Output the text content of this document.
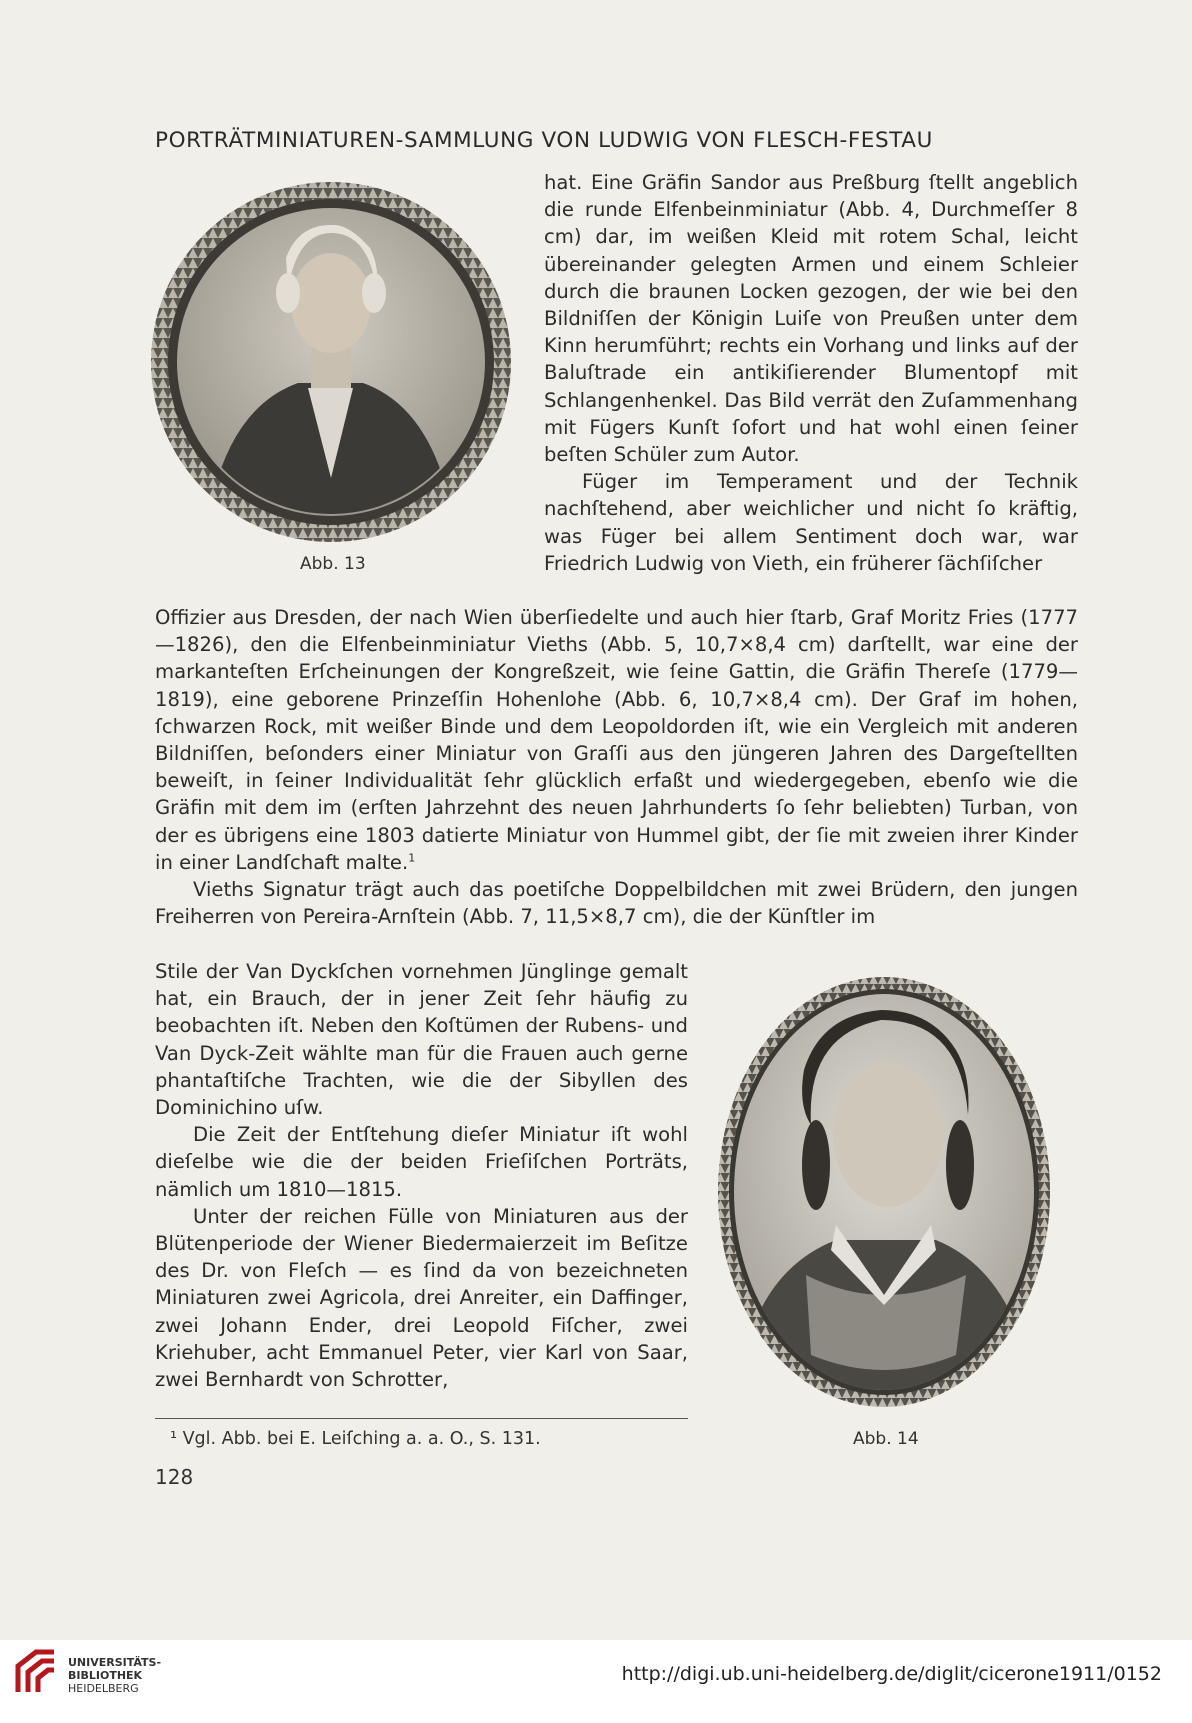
PORTRÄTMINIATUREN-SAMMLUNG VON LUDWIG VON FLESCH-FESTAU
Abb. 13

hat. Eine Gräfin Sandor aus Preßburg ſtellt angeblich die runde Elfenbeinminiatur (Abb. 4, Durchmeſſer 8 cm) dar, im weißen Kleid mit rotem Schal, leicht übereinander gelegten Armen und einem Schleier durch die braunen Locken gezogen, der wie bei den Bildniſſen der Königin Luiſe von Preußen unter dem Kinn herumführt; rechts ein Vorhang und links auf der Baluſtrade ein antikiſierender Blumentopf mit Schlangenhenkel. Das Bild verrät den Zuſammenhang mit Fügers Kunſt ſofort und hat wohl einen ſeiner beſten Schüler zum Autor.

Füger im Temperament und der Technik nachſtehend, aber weichlicher und nicht ſo kräftig, was Füger bei allem Sentiment doch war, war Friedrich Ludwig von Vieth, ein früherer ſächſiſcher

Offizier aus Dresden, der nach Wien überſiedelte und auch hier ſtarb, Graf Moritz Fries (1777—1826), den die Elfenbeinminiatur Vieths (Abb. 5, 10,7×8,4 cm) darſtellt, war eine der markanteſten Erſcheinungen der Kongreßzeit, wie ſeine Gattin, die Gräfin Thereſe (1779—1819), eine geborene Prinzeſſin Hohenlohe (Abb. 6, 10,7×8,4 cm). Der Graf im hohen, ſchwarzen Rock, mit weißer Binde und dem Leopoldorden iſt, wie ein Vergleich mit anderen Bildniſſen, beſonders einer Miniatur von Graſſi aus den jüngeren Jahren des Dargeſtellten beweiſt, in ſeiner Individualität ſehr glücklich erfaßt und wiedergegeben, ebenſo wie die Gräfin mit dem im (erſten Jahrzehnt des neuen Jahrhunderts ſo ſehr beliebten) Turban, von der es übrigens eine 1803 datierte Miniatur von Hummel gibt, der ſie mit zweien ihrer Kinder in einer Landſchaft malte.$^1$

Vieths Signatur trägt auch das poetiſche Doppelbildchen mit zwei Brüdern, den jungen Freiherren von Pereira-Arnſtein (Abb. 7, 11,5×8,7 cm), die der Künſtler im

Stile der Van Dyckſchen vornehmen Jünglinge gemalt hat, ein Brauch, der in jener Zeit ſehr häufig zu beobachten iſt. Neben den Koſtümen der Rubens- und Van Dyck-Zeit wählte man für die Frauen auch gerne phantaſtiſche Trachten, wie die der Sibyllen des Dominichino uſw.

Die Zeit der Entſtehung dieſer Miniatur iſt wohl dieſelbe wie die der beiden Frieſiſchen Porträts, nämlich um 1810—1815.

Unter der reichen Fülle von Miniaturen aus der Blütenperiode der Wiener Biedermaierzeit im Beſitze des Dr. von Fleſch — es ſind da von bezeichneten Miniaturen zwei Agricola, drei Anreiter, ein Daffinger, zwei Johann Ender, drei Leopold Fiſcher, zwei Kriehuber, acht Emmanuel Peter, vier Karl von Saar, zwei Bernhardt von Schrotter,

Abb. 14
¹ Vgl. Abb. bei E. Leiſching a. a. O., S. 131.
128
UNIVERSITÄTS-
BIBLIOTHEK
HEIDELBERG
http://digi.ub.uni-heidelberg.de/diglit/cicerone1911/0152
